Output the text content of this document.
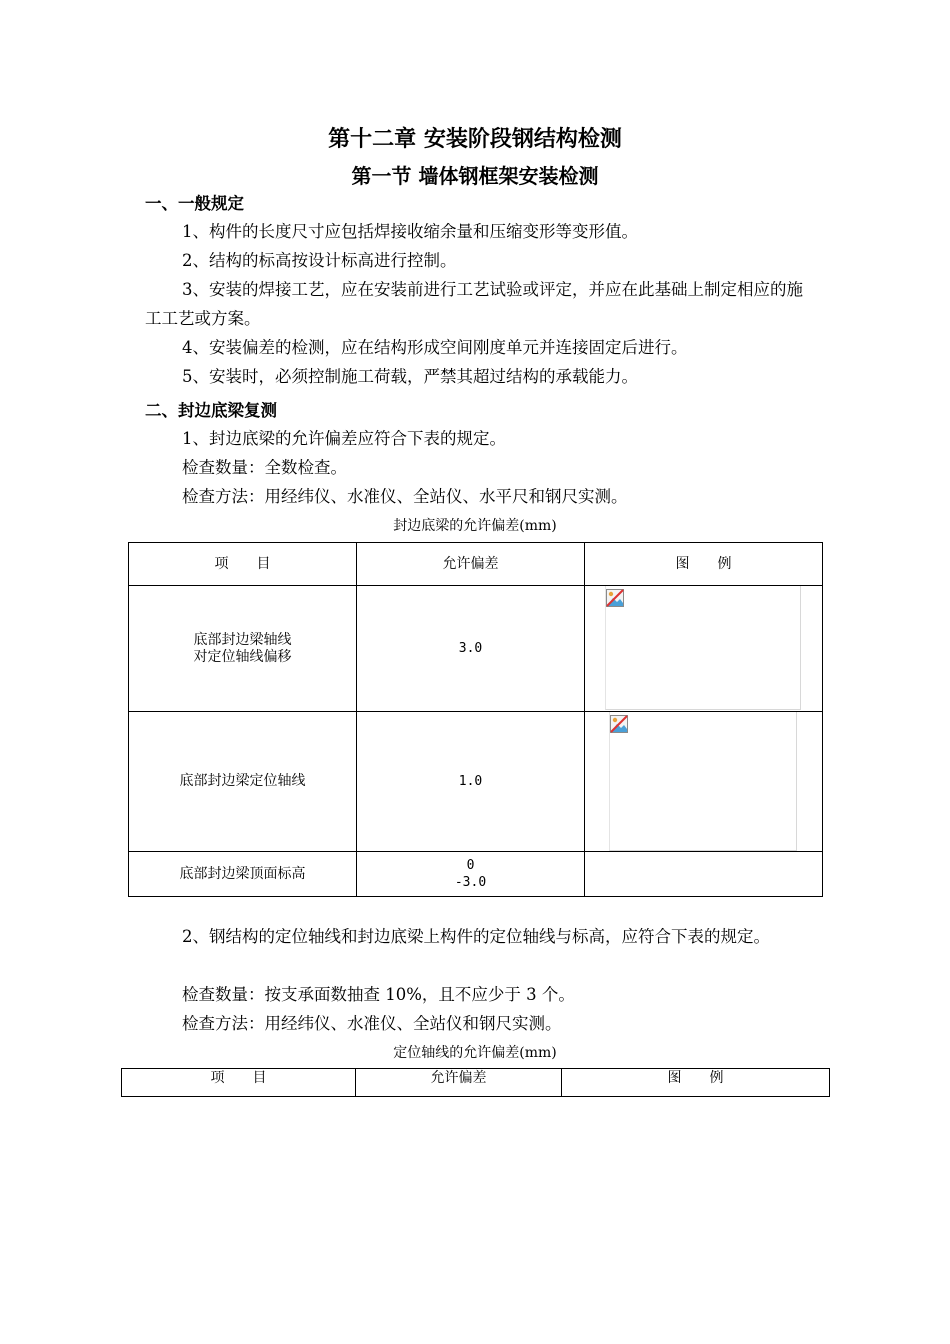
第十二章 安装阶段钢结构检测
第一节 墙体钢框架安装检测
一、一般规定
1、构件的长度尺寸应包括焊接收缩余量和压缩变形等变形值。
2、结构的标高按设计标高进行控制。
3、安装的焊接工艺，应在安装前进行工艺试验或评定，并应在此基础上制定相应的施工工艺或方案。
4、安装偏差的检测，应在结构形成空间刚度单元并连接固定后进行。
5、安装时，必须控制施工荷载，严禁其超过结构的承载能力。
二、封边底梁复测
1、封边底梁的允许偏差应符合下表的规定。
检查数量：全数检查。
检查方法：用经纬仪、水准仪、全站仪、水平尺和钢尺实测。
封边底梁的允许偏差(mm)
项　　目	允许偏差	图　　例

底部封边梁轴线
对定位轴线偏移	3.0	

底部封边梁定位轴线	1.0	

底部封边梁顶面标高	0
-3.0	

2、钢结构的定位轴线和封边底梁上构件的定位轴线与标高，应符合下表的规定。
检查数量：按支承面数抽查 10%，且不应少于 3 个。
检查方法：用经纬仪、水准仪、全站仪和钢尺实测。
定位轴线的允许偏差(mm)
项　　目	允许偏差	图　　例
